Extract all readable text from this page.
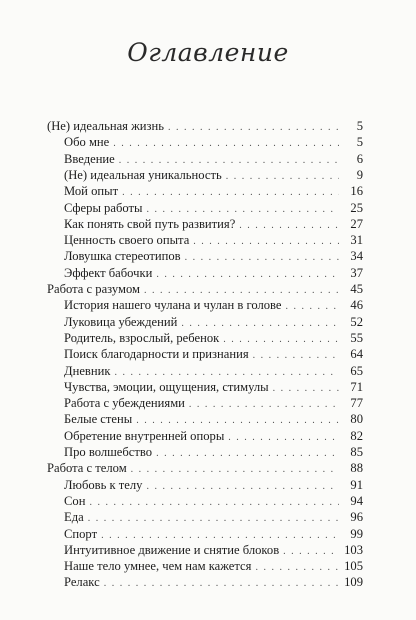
Оглавление
(Не) идеальная жизнь . . .	5
Обо мне . . .	5
Введение . . .	6
(Не) идеальная уникальность . . .	9
Мой опыт . . .	16
Сферы работы . . .	25
Как понять свой путь развития? . . .	27
Ценность своего опыта . . .	31
Ловушка стереотипов . . .	34
Эффект бабочки . . .	37
Работа с разумом . . .	45
История нашего чулана и чулан в голове . . .	46
Луковица убеждений . . .	52
Родитель, взрослый, ребенок . . .	55
Поиск благодарности и признания . . .	64
Дневник . . .	65
Чувства, эмоции, ощущения, стимулы . . .	71
Работа с убеждениями . . .	77
Белые стены . . .	80
Обретение внутренней опоры . . .	82
Про волшебство . . .	85
Работа с телом . . .	88
Любовь к телу . . .	91
Сон . . .	94
Еда . . .	96
Спорт . . .	99
Интуитивное движение и снятие блоков . . .	103
Наше тело умнее, чем нам кажется . . .	105
Релакс . . .	109
